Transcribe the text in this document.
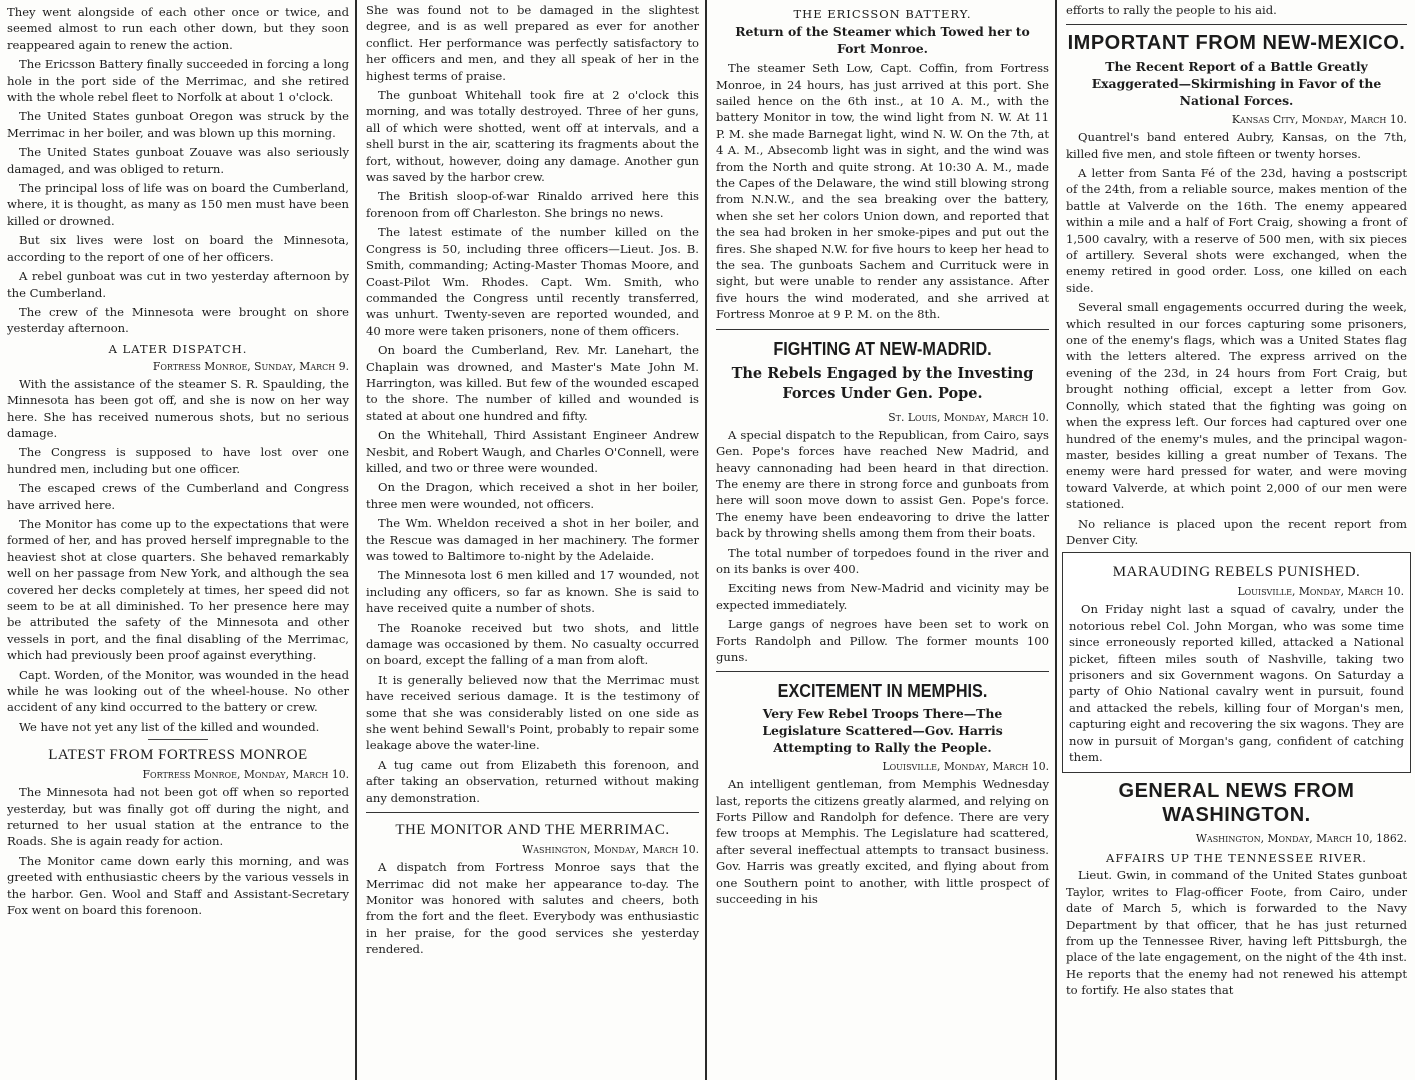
They went alongside of each other once or twice, and seemed almost to run each other down, but they soon reappeared again to renew the action.

The Ericsson Battery finally succeeded in forcing a long hole in the port side of the Merrimac, and she retired with the whole rebel fleet to Norfolk at about 1 o'clock.

The United States gunboat Oregon was struck by the Merrimac in her boiler, and was blown up this morning.

The United States gunboat Zouave was also seriously damaged, and was obliged to return.

The principal loss of life was on board the Cumberland, where, it is thought, as many as 150 men must have been killed or drowned.

But six lives were lost on board the Minnesota, according to the report of one of her officers.

A rebel gunboat was cut in two yesterday afternoon by the Cumberland.

The crew of the Minnesota were brought on shore yesterday afternoon.

A LATER DISPATCH.
Fortress Monroe, Sunday, March 9.

With the assistance of the steamer S. R. Spaulding, the Minnesota has been got off, and she is now on her way here. She has received numerous shots, but no serious damage.

The Congress is supposed to have lost over one hundred men, including but one officer.

The escaped crews of the Cumberland and Congress have arrived here.

The Monitor has come up to the expectations that were formed of her, and has proved herself impregnable to the heaviest shot at close quarters. She behaved remarkably well on her passage from New York, and although the sea covered her decks completely at times, her speed did not seem to be at all diminished. To her presence here may be attributed the safety of the Minnesota and other vessels in port, and the final disabling of the Merrimac, which had previously been proof against everything.

Capt. Worden, of the Monitor, was wounded in the head while he was looking out of the wheel-house. No other accident of any kind occurred to the battery or crew.

We have not yet any list of the killed and wounded.

LATEST FROM FORTRESS MONROE
Fortress Monroe, Monday, March 10.

The Minnesota had not been got off when so reported yesterday, but was finally got off during the night, and returned to her usual station at the entrance to the Roads. She is again ready for action.

The Monitor came down early this morning, and was greeted with enthusiastic cheers by the various vessels in the harbor. Gen. Wool and Staff and Assistant-Secretary Fox went on board this forenoon.

She was found not to be damaged in the slightest degree, and is as well prepared as ever for another conflict. Her performance was perfectly satisfactory to her officers and men, and they all speak of her in the highest terms of praise.

The gunboat Whitehall took fire at 2 o'clock this morning, and was totally destroyed. Three of her guns, all of which were shotted, went off at intervals, and a shell burst in the air, scattering its fragments about the fort, without, however, doing any damage. Another gun was saved by the harbor crew.

The British sloop-of-war Rinaldo arrived here this forenoon from off Charleston. She brings no news.

The latest estimate of the number killed on the Congress is 50, including three officers—Lieut. Jos. B. Smith, commanding; Acting-Master Thomas Moore, and Coast-Pilot Wm. Rhodes. Capt. Wm. Smith, who commanded the Congress until recently transferred, was unhurt. Twenty-seven are reported wounded, and 40 more were taken prisoners, none of them officers.

On board the Cumberland, Rev. Mr. Lanehart, the Chaplain was drowned, and Master's Mate John M. Harrington, was killed. But few of the wounded escaped to the shore. The number of killed and wounded is stated at about one hundred and fifty.

On the Whitehall, Third Assistant Engineer Andrew Nesbit, and Robert Waugh, and Charles O'Connell, were killed, and two or three were wounded.

On the Dragon, which received a shot in her boiler, three men were wounded, not officers.

The Wm. Wheldon received a shot in her boiler, and the Rescue was damaged in her machinery. The former was towed to Baltimore to-night by the Adelaide.

The Minnesota lost 6 men killed and 17 wounded, not including any officers, so far as known. She is said to have received quite a number of shots.

The Roanoke received but two shots, and little damage was occasioned by them. No casualty occurred on board, except the falling of a man from aloft.

It is generally believed now that the Merrimac must have received serious damage. It is the testimony of some that she was considerably listed on one side as she went behind Sewall's Point, probably to repair some leakage above the water-line.

A tug came out from Elizabeth this forenoon, and after taking an observation, returned without making any demonstration.

THE MONITOR AND THE MERRIMAC.
Washington, Monday, March 10.

A dispatch from Fortress Monroe says that the Merrimac did not make her appearance to-day. The Monitor was honored with salutes and cheers, both from the fort and the fleet. Everybody was enthusiastic in her praise, for the good services she yesterday rendered.

THE ERICSSON BATTERY.
Return of the Steamer which Towed her to Fort Monroe.

The steamer Seth Low, Capt. Coffin, from Fortress Monroe, in 24 hours, has just arrived at this port. She sailed hence on the 6th inst., at 10 A. M., with the battery Monitor in tow, the wind light from N. W. At 11 P. M. she made Barnegat light, wind N. W. On the 7th, at 4 A. M., Absecomb light was in sight, and the wind was from the North and quite strong. At 10:30 A. M., made the Capes of the Delaware, the wind still blowing strong from N.N.W., and the sea breaking over the battery, when she set her colors Union down, and reported that the sea had broken in her smoke-pipes and put out the fires. She shaped N.W. for five hours to keep her head to the sea. The gunboats Sachem and Currituck were in sight, but were unable to render any assistance. After five hours the wind moderated, and she arrived at Fortress Monroe at 9 P. M. on the 8th.

FIGHTING AT NEW-MADRID.
The Rebels Engaged by the Investing Forces Under Gen. Pope.
St. Louis, Monday, March 10.

A special dispatch to the Republican, from Cairo, says Gen. Pope's forces have reached New Madrid, and heavy cannonading had been heard in that direction. The enemy are there in strong force and gunboats from here will soon move down to assist Gen. Pope's force. The enemy have been endeavoring to drive the latter back by throwing shells among them from their boats.

The total number of torpedoes found in the river and on its banks is over 400.

Exciting news from New-Madrid and vicinity may be expected immediately.

Large gangs of negroes have been set to work on Forts Randolph and Pillow. The former mounts 100 guns.

EXCITEMENT IN MEMPHIS.
Very Few Rebel Troops There—The Legislature Scattered—Gov. Harris Attempting to Rally the People.
Louisville, Monday, March 10.

An intelligent gentleman, from Memphis Wednesday last, reports the citizens greatly alarmed, and relying on Forts Pillow and Randolph for defence. There are very few troops at Memphis. The Legislature had scattered, after several ineffectual attempts to transact business. Gov. Harris was greatly excited, and flying about from one Southern point to another, with little prospect of succeeding in his

efforts to rally the people to his aid.

IMPORTANT FROM NEW-MEXICO.
The Recent Report of a Battle Greatly Exaggerated—Skirmishing in Favor of the National Forces.
Kansas City, Monday, March 10.

Quantrel's band entered Aubry, Kansas, on the 7th, killed five men, and stole fifteen or twenty horses.

A letter from Santa Fé of the 23d, having a postscript of the 24th, from a reliable source, makes mention of the battle at Valverde on the 16th. The enemy appeared within a mile and a half of Fort Craig, showing a front of 1,500 cavalry, with a reserve of 500 men, with six pieces of artillery. Several shots were exchanged, when the enemy retired in good order. Loss, one killed on each side.

Several small engagements occurred during the week, which resulted in our forces capturing some prisoners, one of the enemy's flags, which was a United States flag with the letters altered. The express arrived on the evening of the 23d, in 24 hours from Fort Craig, but brought nothing official, except a letter from Gov. Connolly, which stated that the fighting was going on when the express left. Our forces had captured over one hundred of the enemy's mules, and the principal wagon-master, besides killing a great number of Texans. The enemy were hard pressed for water, and were moving toward Valverde, at which point 2,000 of our men were stationed.

No reliance is placed upon the recent report from Denver City.

MARAUDING REBELS PUNISHED.
Louisville, Monday, March 10.

On Friday night last a squad of cavalry, under the notorious rebel Col. John Morgan, who was some time since erroneously reported killed, attacked a National picket, fifteen miles south of Nashville, taking two prisoners and six Government wagons. On Saturday a party of Ohio National cavalry went in pursuit, found and attacked the rebels, killing four of Morgan's men, capturing eight and recovering the six wagons. They are now in pursuit of Morgan's gang, confident of catching them.

GENERAL NEWS FROM WASHINGTON.
Washington, Monday, March 10, 1862.
AFFAIRS UP THE TENNESSEE RIVER.

Lieut. Gwin, in command of the United States gunboat Taylor, writes to Flag-officer Foote, from Cairo, under date of March 5, which is forwarded to the Navy Department by that officer, that he has just returned from up the Tennessee River, having left Pittsburgh, the place of the late engagement, on the night of the 4th inst. He reports that the enemy had not renewed his attempt to fortify. He also states that
